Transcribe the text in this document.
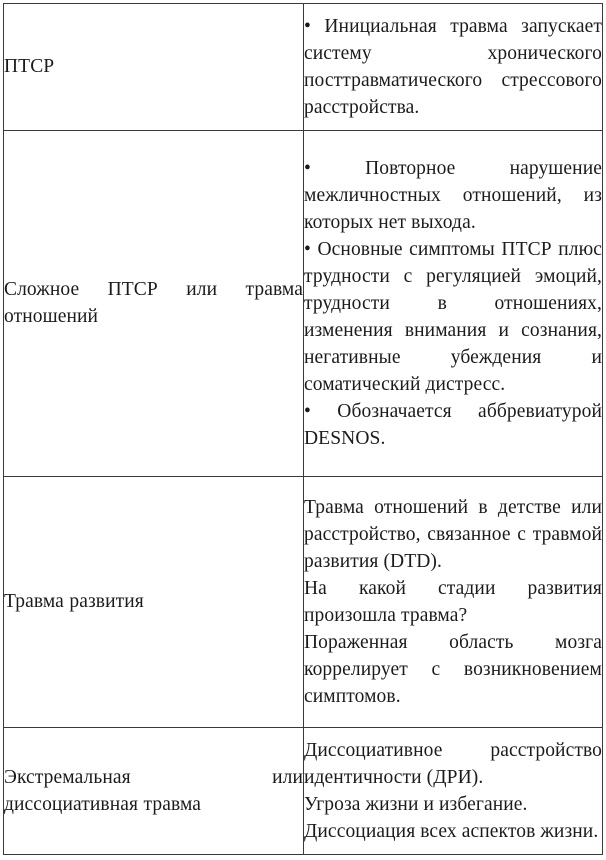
ПТСР	• Инициальная травма запускает систему хронического посттравматического стрессового расстройства.

Сложное ПТСР или травма отношений	• Повторное нарушение межличностных отношений, из которых нет выхода.
• Основные симптомы ПТСР плюс трудности с регуляцией эмоций, трудности в отношениях, изменения внимания и сознания, негативные убеждения и соматический дистресс.
• Обозначается аббревиатурой DESNOS.

Травма развития	Травма отношений в детстве или расстройство, связанное с травмой развития (DTD).
На какой стадии развития произошла травма?
Пораженная область мозга коррелирует с возникновением симптомов.

Экстремальная или диссоциативная травма	Диссоциативное расстройство идентичности (ДРИ).
Угроза жизни и избегание.
Диссоциация всех аспектов жизни.
